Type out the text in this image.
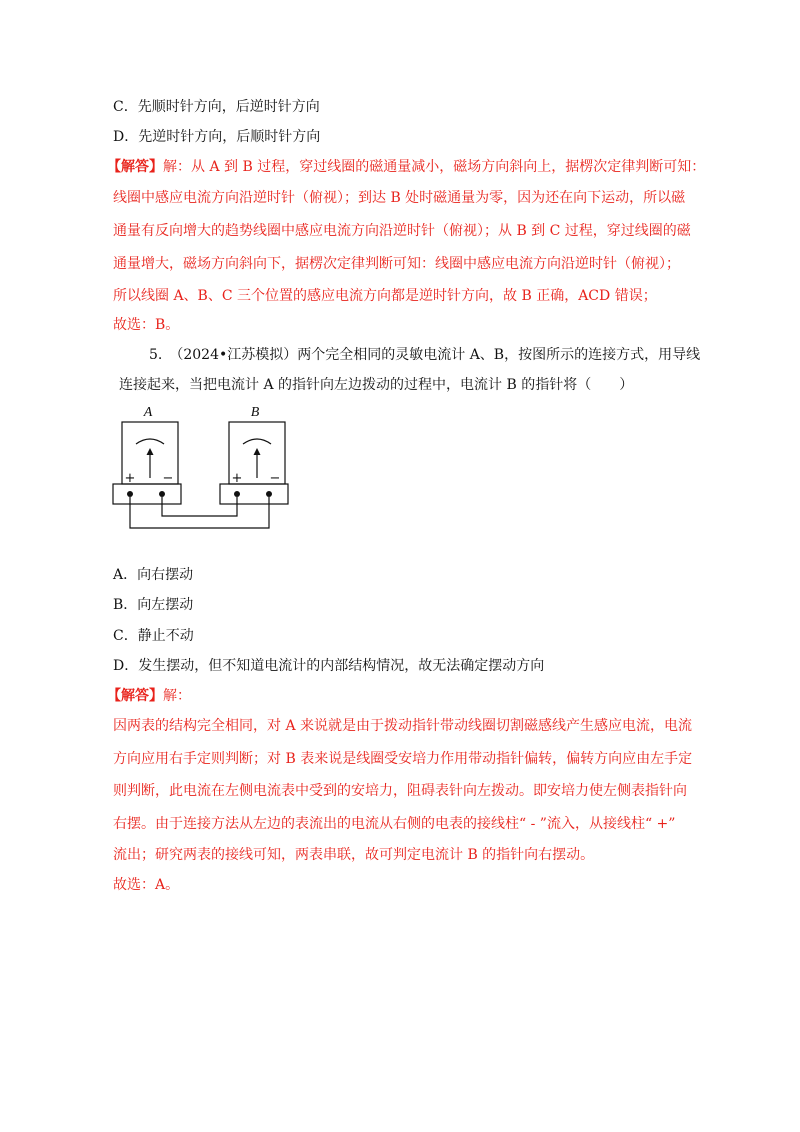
C．先顺时针方向，后逆时针方向
D．先逆时针方向，后顺时针方向
【解答】解：从 A 到 B 过程，穿过线圈的磁通量减小，磁场方向斜向上，据楞次定律判断可知：
线圈中感应电流方向沿逆时针（俯视）；到达 B 处时磁通量为零，因为还在向下运动，所以磁
通量有反向增大的趋势线圈中感应电流方向沿逆时针（俯视）；从 B 到 C 过程，穿过线圈的磁
通量增大，磁场方向斜向下，据楞次定律判断可知：线圈中感应电流方向沿逆时针（俯视）；
所以线圈 A、B、C 三个位置的感应电流方向都是逆时针方向，故 B 正确，ACD 错误；
故选：B。
5.　（2024•江苏模拟）两个完全相同的灵敏电流计 A、B，按图所示的连接方式，用导线
连接起来，当把电流计 A 的指针向左边拨动的过程中，电流计 B 的指针将（　　）
A	B
+ −	+ −
A．向右摆动
B．向左摆动
C．静止不动
D．发生摆动，但不知道电流计的内部结构情况，故无法确定摆动方向
【解答】解：
因两表的结构完全相同，对 A 来说就是由于拨动指针带动线圈切割磁感线产生感应电流，电流
方向应用右手定则判断；对 B 表来说是线圈受安培力作用带动指针偏转，偏转方向应由左手定
则判断，此电流在左侧电流表中受到的安培力，阻碍表针向左拨动。即安培力使左侧表指针向
右摆。由于连接方法从左边的表流出的电流从右侧的电表的接线柱“ - ”流入，从接线柱“ +”
流出；研究两表的接线可知，两表串联，故可判定电流计 B 的指针向右摆动。
故选：A。
